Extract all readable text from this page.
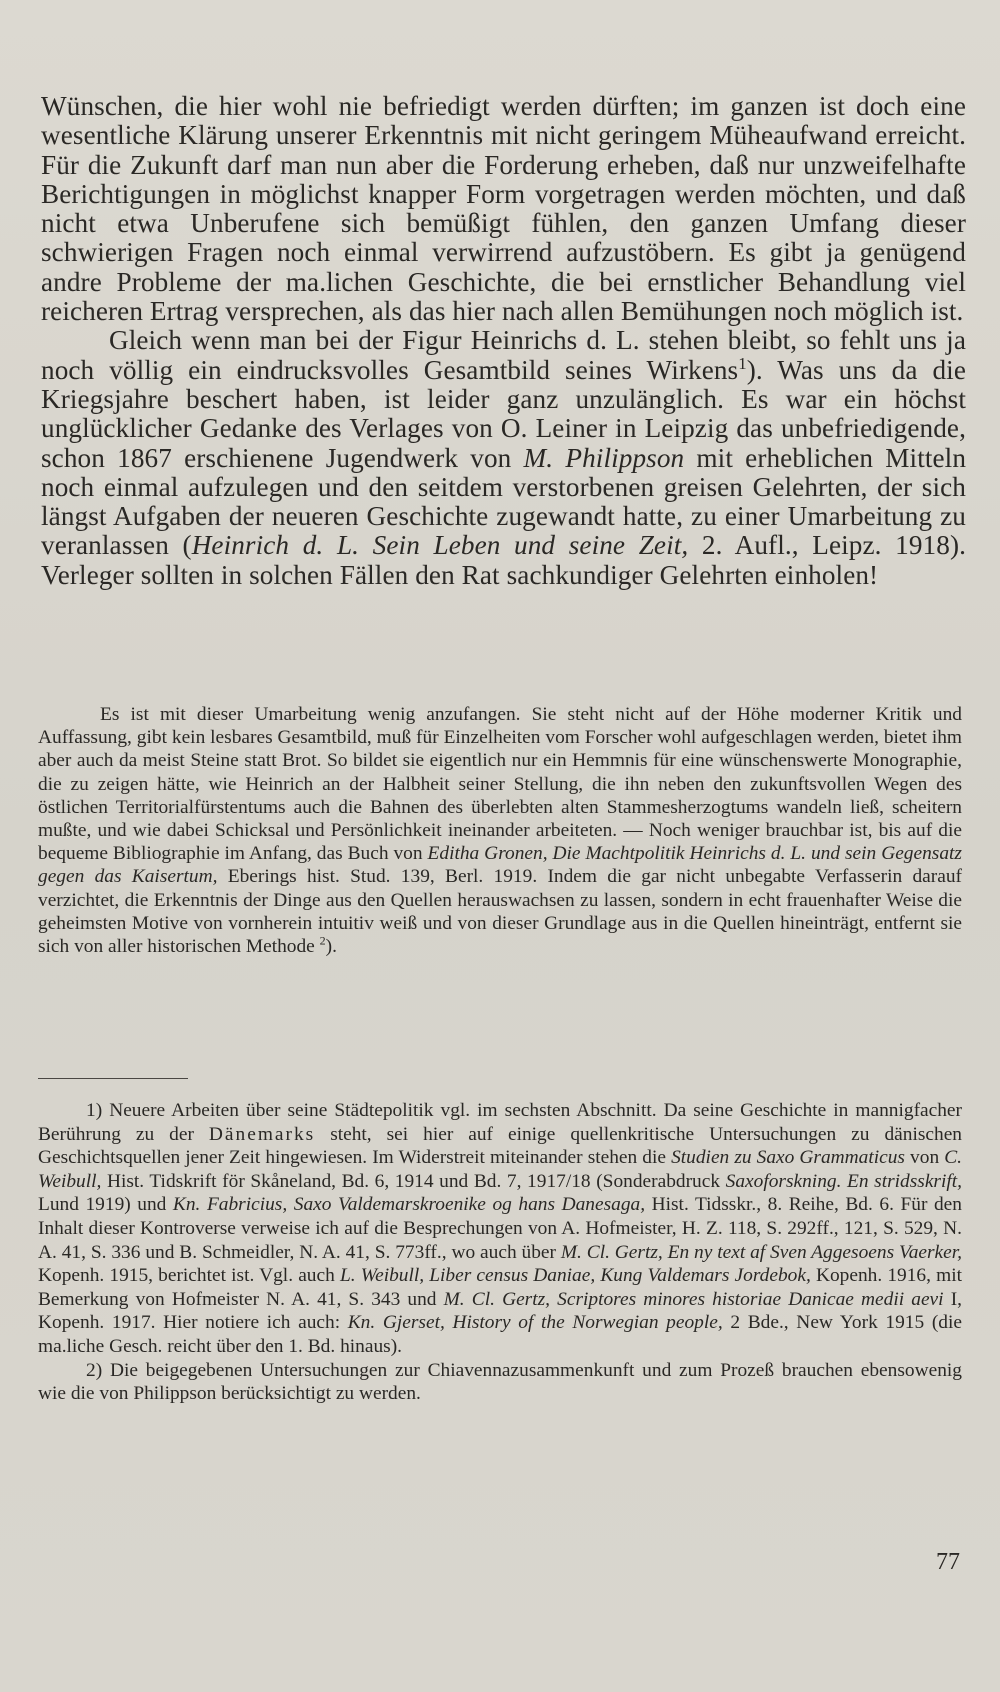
Wünschen, die hier wohl nie befriedigt werden dürften; im ganzen ist doch eine wesentliche Klärung unserer Erkenntnis mit nicht geringem Müheaufwand erreicht. Für die Zukunft darf man nun aber die Forderung erheben, daß nur unzweifelhafte Berichtigungen in möglichst knapper Form vorgetragen werden möchten, und daß nicht etwa Unberufene sich bemüßigt fühlen, den ganzen Umfang dieser schwierigen Fragen noch einmal verwirrend aufzustöbern. Es gibt ja genügend andre Probleme der ma.lichen Geschichte, die bei ernstlicher Behandlung viel reicheren Ertrag versprechen, als das hier nach allen Bemühungen noch möglich ist.

Gleich wenn man bei der Figur Heinrichs d. L. stehen bleibt, so fehlt uns ja noch völlig ein eindrucksvolles Gesamtbild seines Wirkens$^1$). Was uns da die Kriegsjahre beschert haben, ist leider ganz unzulänglich. Es war ein höchst unglücklicher Gedanke des Verlages von O. Leiner in Leipzig das unbefriedigende, schon 1867 erschienene Jugendwerk von M. Philippson mit erheblichen Mitteln noch einmal aufzulegen und den seitdem verstorbenen greisen Gelehrten, der sich längst Aufgaben der neueren Geschichte zugewandt hatte, zu einer Umarbeitung zu veranlassen (Heinrich d. L. Sein Leben und seine Zeit, 2. Aufl., Leipz. 1918). Verleger sollten in solchen Fällen den Rat sachkundiger Gelehrten einholen!

Es ist mit dieser Umarbeitung wenig anzufangen. Sie steht nicht auf der Höhe moderner Kritik und Auffassung, gibt kein lesbares Gesamtbild, muß für Einzelheiten vom Forscher wohl aufgeschlagen werden, bietet ihm aber auch da meist Steine statt Brot. So bildet sie eigentlich nur ein Hemmnis für eine wünschenswerte Monographie, die zu zeigen hätte, wie Heinrich an der Halbheit seiner Stellung, die ihn neben den zukunftsvollen Wegen des östlichen Territorialfürstentums auch die Bahnen des überlebten alten Stammesherzogtums wandeln ließ, scheitern mußte, und wie dabei Schicksal und Persönlichkeit ineinander arbeiteten. — Noch weniger brauchbar ist, bis auf die bequeme Bibliographie im Anfang, das Buch von Editha Gronen, Die Machtpolitik Heinrichs d. L. und sein Gegensatz gegen das Kaisertum, Eberings hist. Stud. 139, Berl. 1919. Indem die gar nicht unbegabte Verfasserin darauf verzichtet, die Erkenntnis der Dinge aus den Quellen herauswachsen zu lassen, sondern in echt frauenhafter Weise die geheimsten Motive von vornherein intuitiv weiß und von dieser Grundlage aus in die Quellen hineinträgt, entfernt sie sich von aller historischen Methode $^2$).

1) Neuere Arbeiten über seine Städtepolitik vgl. im sechsten Abschnitt. Da seine Geschichte in mannigfacher Berührung zu der Dänemarks steht, sei hier auf einige quellenkritische Untersuchungen zu dänischen Geschichtsquellen jener Zeit hingewiesen. Im Widerstreit miteinander stehen die Studien zu Saxo Grammaticus von C. Weibull, Hist. Tidskrift för Skåneland, Bd. 6, 1914 und Bd. 7, 1917/18 (Sonderabdruck Saxoforskning. En stridsskrift, Lund 1919) und Kn. Fabricius, Saxo Valdemarskroenike og hans Danesaga, Hist. Tidsskr., 8. Reihe, Bd. 6. Für den Inhalt dieser Kontroverse verweise ich auf die Besprechungen von A. Hofmeister, H. Z. 118, S. 292ff., 121, S. 529, N. A. 41, S. 336 und B. Schmeidler, N. A. 41, S. 773ff., wo auch über M. Cl. Gertz, En ny text af Sven Aggesoens Vaerker, Kopenh. 1915, berichtet ist. Vgl. auch L. Weibull, Liber census Daniae, Kung Valdemars Jordebok, Kopenh. 1916, mit Bemerkung von Hofmeister N. A. 41, S. 343 und M. Cl. Gertz, Scriptores minores historiae Danicae medii aevi I, Kopenh. 1917. Hier notiere ich auch: Kn. Gjerset, History of the Norwegian people, 2 Bde., New York 1915 (die ma.liche Gesch. reicht über den 1. Bd. hinaus).

2) Die beigegebenen Untersuchungen zur Chiavennazusammenkunft und zum Prozeß brauchen ebensowenig wie die von Philippson berücksichtigt zu werden.

77
